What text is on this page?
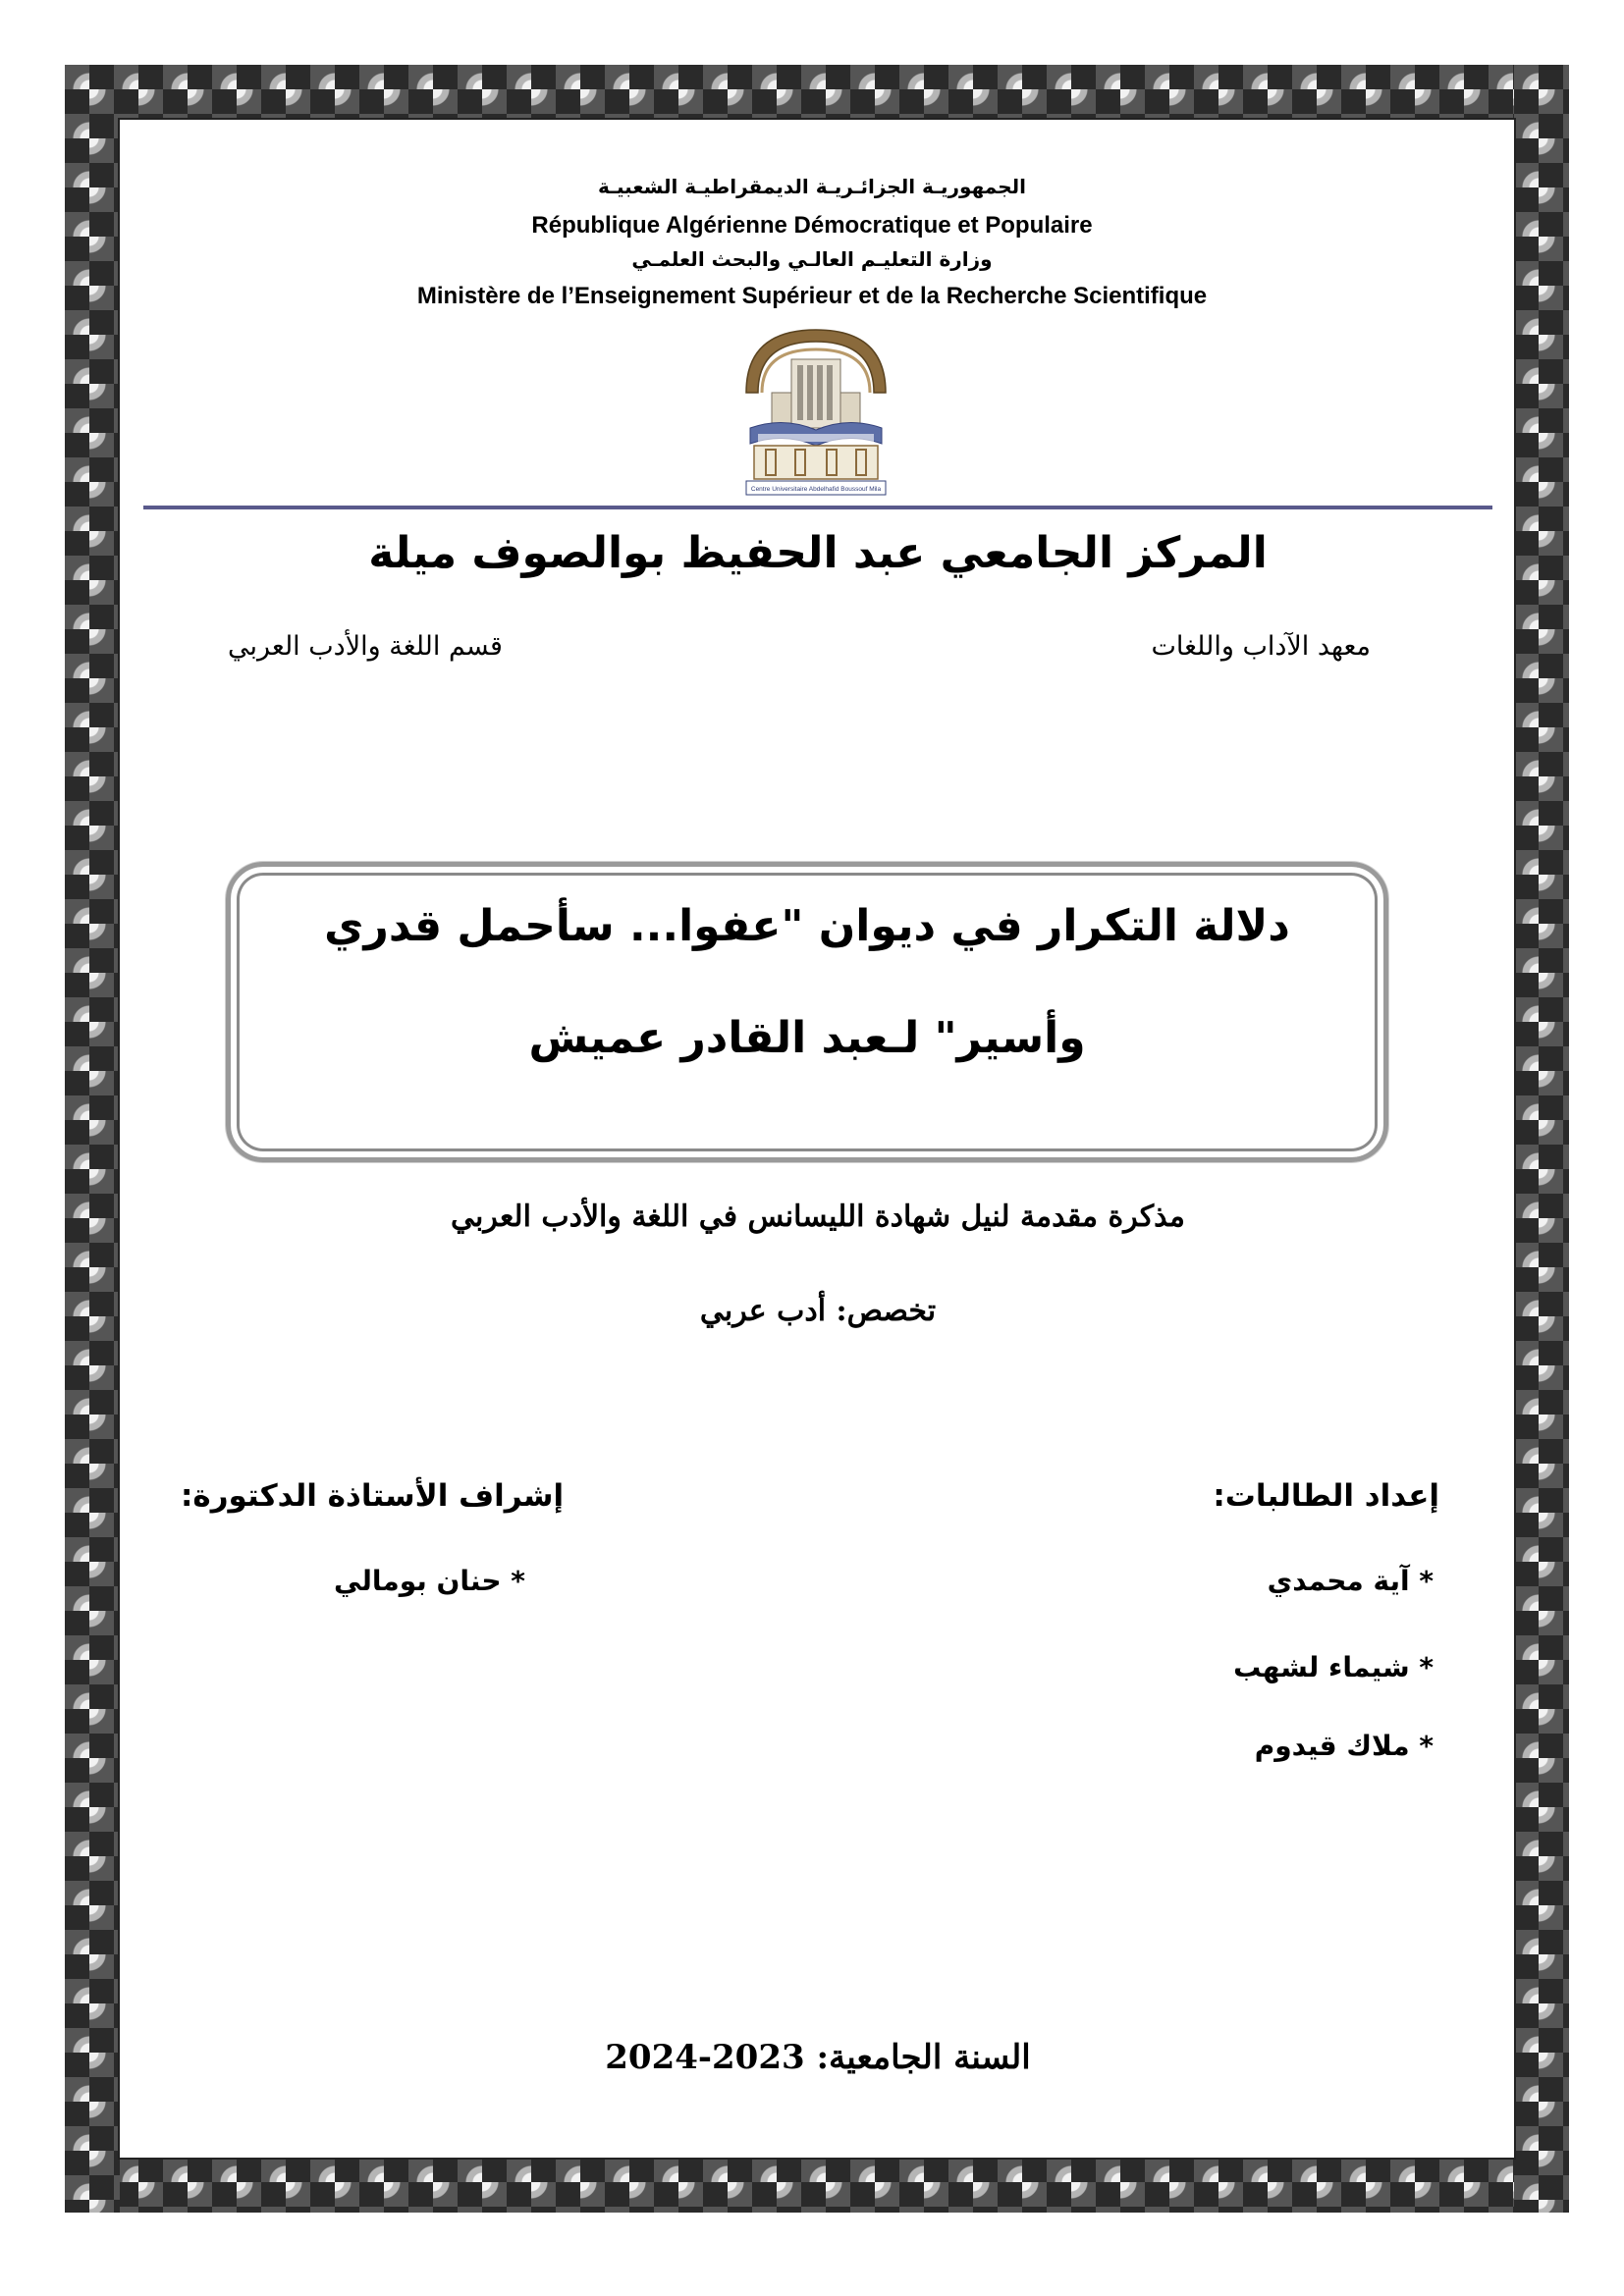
الجمهوريـة الجزائـريـة الديمقراطيـة الشعبيـة
République Algérienne Démocratique et Populaire
وزارة التعليـم العالـي والبحث العلمـي
Ministère de l’Enseignement Supérieur et de la Recherche Scientifique
Centre Universitaire Abdelhafid Boussouf Mila
المركز الجامعي عبد الحفيظ بوالصوف ميلة
معهد الآداب واللغات
قسم اللغة والأدب العربي
دلالة التكرار في ديوان "عفوا... سأحمل قدري
وأسير" لـعبد القادر عميش
مذكرة مقدمة لنيل شهادة الليسانس في اللغة والأدب العربي
تخصص: أدب عربي
إعداد الطالبات:
* آية محمدي
* شيماء لشهب
* ملاك قيدوم
إشراف الأستاذة الدكتورة:
* حنان بومالي
السنة الجامعية: 2023-2024
